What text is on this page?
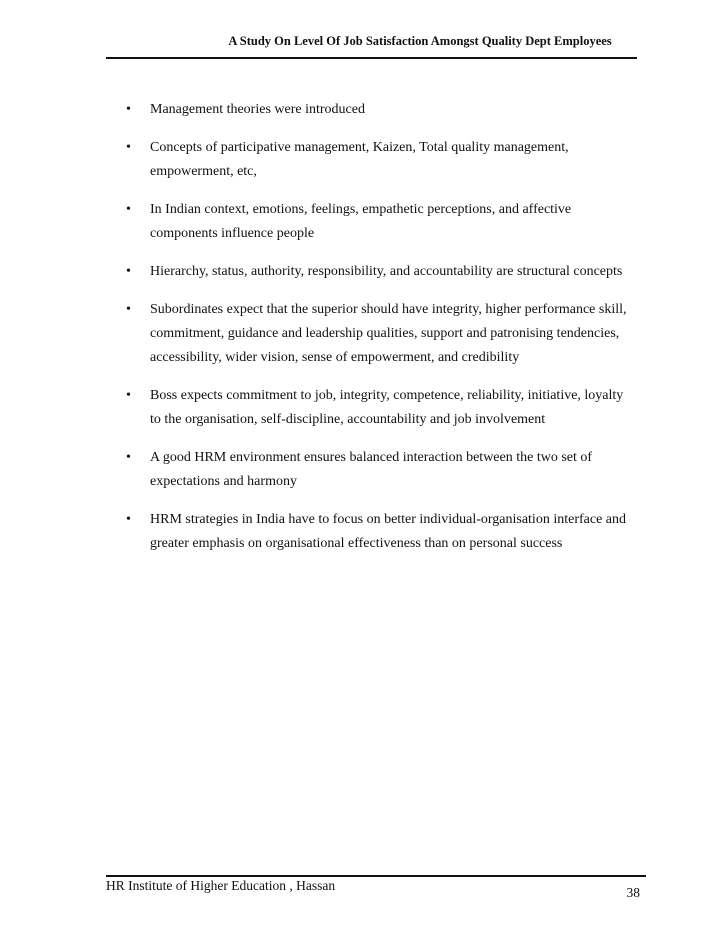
A Study On Level Of Job Satisfaction Amongst Quality Dept Employees
• Management theories were introduced
• Concepts of participative management, Kaizen, Total quality management,
empowerment, etc,
• In Indian context, emotions, feelings, empathetic perceptions, and affective
components influence people
• Hierarchy, status, authority, responsibility, and accountability are structural concepts
• Subordinates expect that the superior should have integrity, higher performance skill,
commitment, guidance and leadership qualities, support and patronising tendencies,
accessibility, wider vision, sense of empowerment, and credibility
• Boss expects commitment to job, integrity, competence, reliability, initiative, loyalty
to the organisation, self-discipline, accountability and job involvement
• A good HRM environment ensures balanced interaction between the two set of
expectations and harmony
• HRM strategies in India have to focus on better individual-organisation interface and
greater emphasis on organisational effectiveness than on personal success
HR Institute of Higher Education , Hassan	38
